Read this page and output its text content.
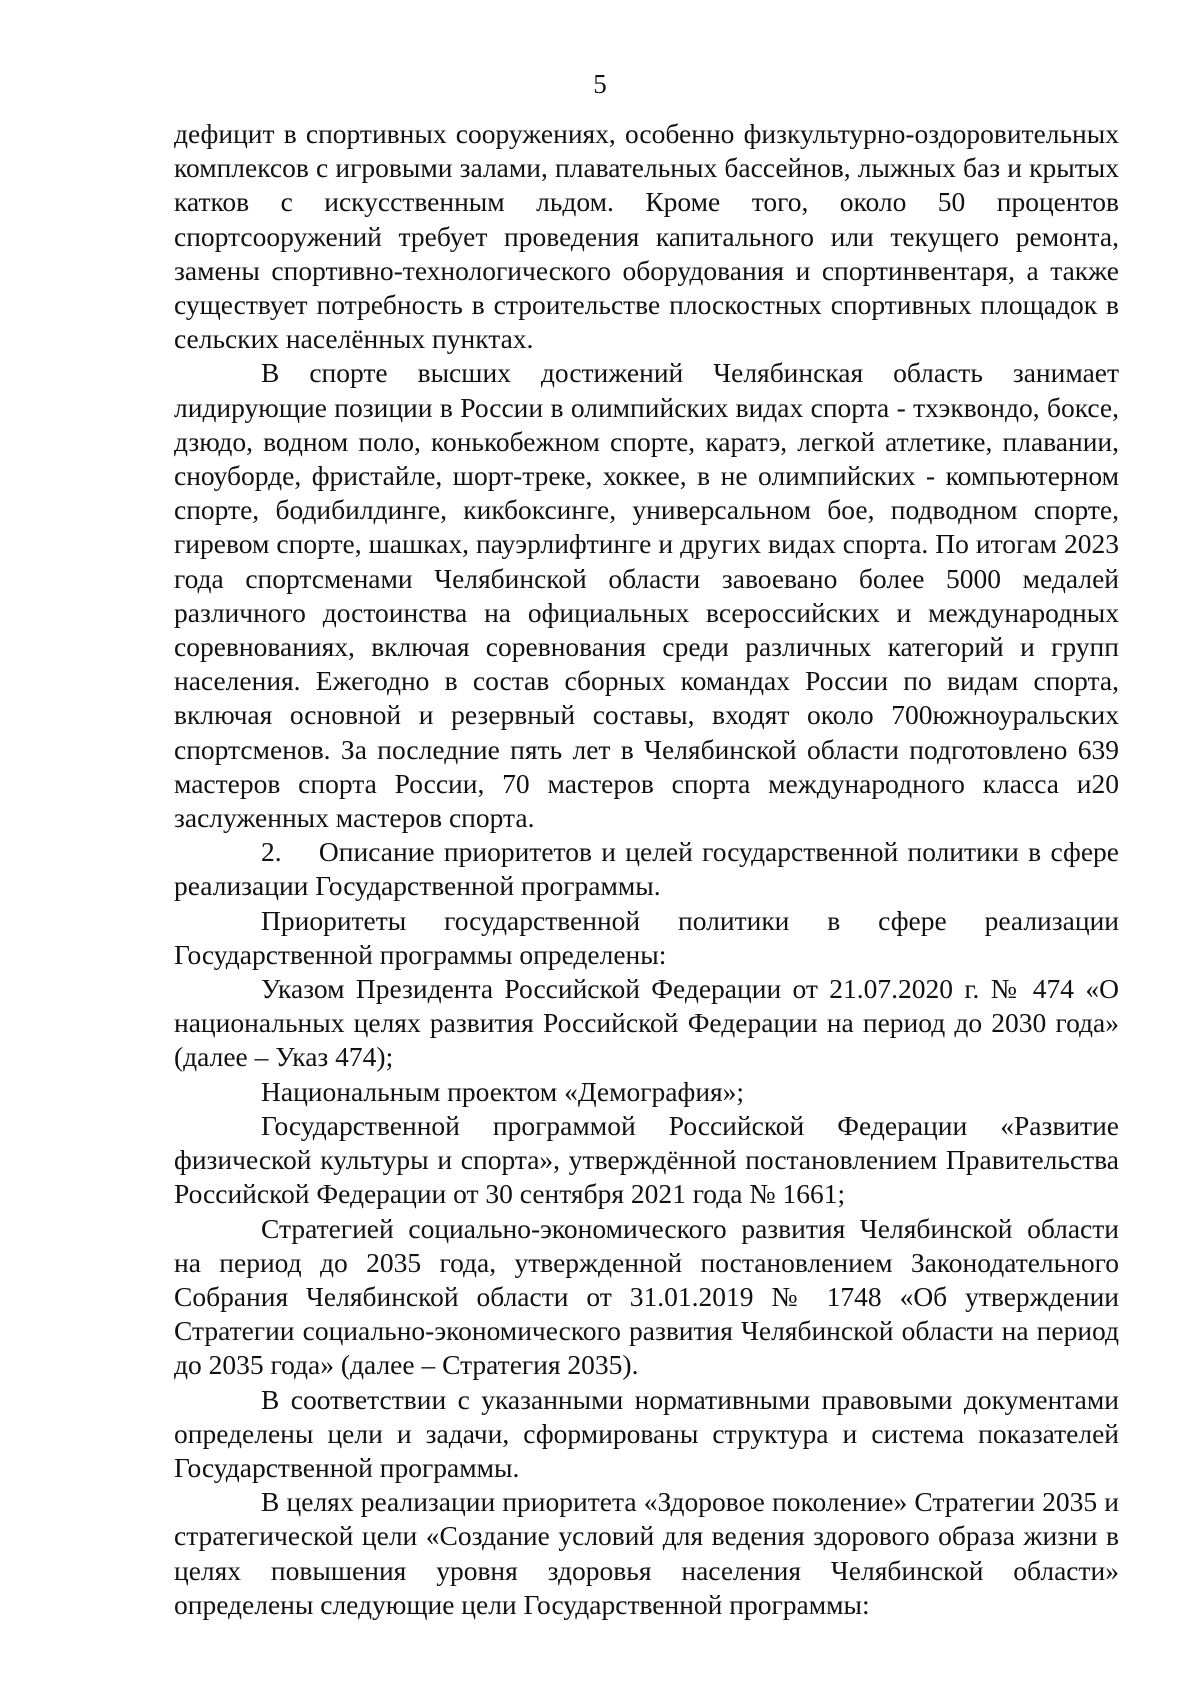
5

дефицит в спортивных сооружениях, особенно физкультурно-оздоровительных комплексов с игровыми залами, плавательных бассейнов, лыжных баз и крытых катков с искусственным льдом. Кроме того, около 50 процентов спортсооружений требует проведения капитального или текущего ремонта, замены спортивно-технологического оборудования и спортинвентаря, а также существует потребность в строительстве плоскостных спортивных площадок в сельских населённых пунктах.

В спорте высших достижений Челябинская область занимает лидирующие позиции в России в олимпийских видах спорта - тхэквондо, боксе, дзюдо, водном поло, конькобежном спорте, каратэ, легкой атлетике, плавании, сноуборде, фристайле, шорт-треке, хоккее, в не олимпийских - компьютерном спорте, бодибилдинге, кикбоксинге, универсальном бое, подводном спорте, гиревом спорте, шашках, пауэрлифтинге и других видах спорта. По итогам 2023 года спортсменами Челябинской области завоевано более 5000 медалей различного достоинства на официальных всероссийских и международных соревнованиях, включая соревнования среди различных категорий и групп населения. Ежегодно в состав сборных командах России по видам спорта, включая основной и резервный составы, входят около 700южноуральских спортсменов. За последние пять лет в Челябинской области подготовлено 639 мастеров спорта России, 70 мастеров спорта международного класса и20 заслуженных мастеров спорта.

2.    Описание приоритетов и целей государственной политики в сфере реализации Государственной программы.

Приоритеты государственной политики в сфере реализации Государственной программы определены:

Указом Президента Российской Федерации от 21.07.2020 г. № 474 «О национальных целях развития Российской Федерации на период до 2030 года» (далее – Указ 474);

Национальным проектом «Демография»;

Государственной программой Российской Федерации «Развитие физической культуры и спорта», утверждённой постановлением Правительства Российской Федерации от 30 сентября 2021 года № 1661;

Стратегией социально-экономического развития Челябинской области на период до 2035 года, утвержденной постановлением Законодательного Собрания Челябинской области от 31.01.2019 № 1748 «Об утверждении Стратегии социально-экономического развития Челябинской области на период до 2035 года» (далее – Стратегия 2035).

В соответствии с указанными нормативными правовыми документами определены цели и задачи, сформированы структура и система показателей Государственной программы.

В целях реализации приоритета «Здоровое поколение» Стратегии 2035 и стратегической цели «Создание условий для ведения здорового образа жизни в целях повышения уровня здоровья населения Челябинской области» определены следующие цели Государственной программы:
